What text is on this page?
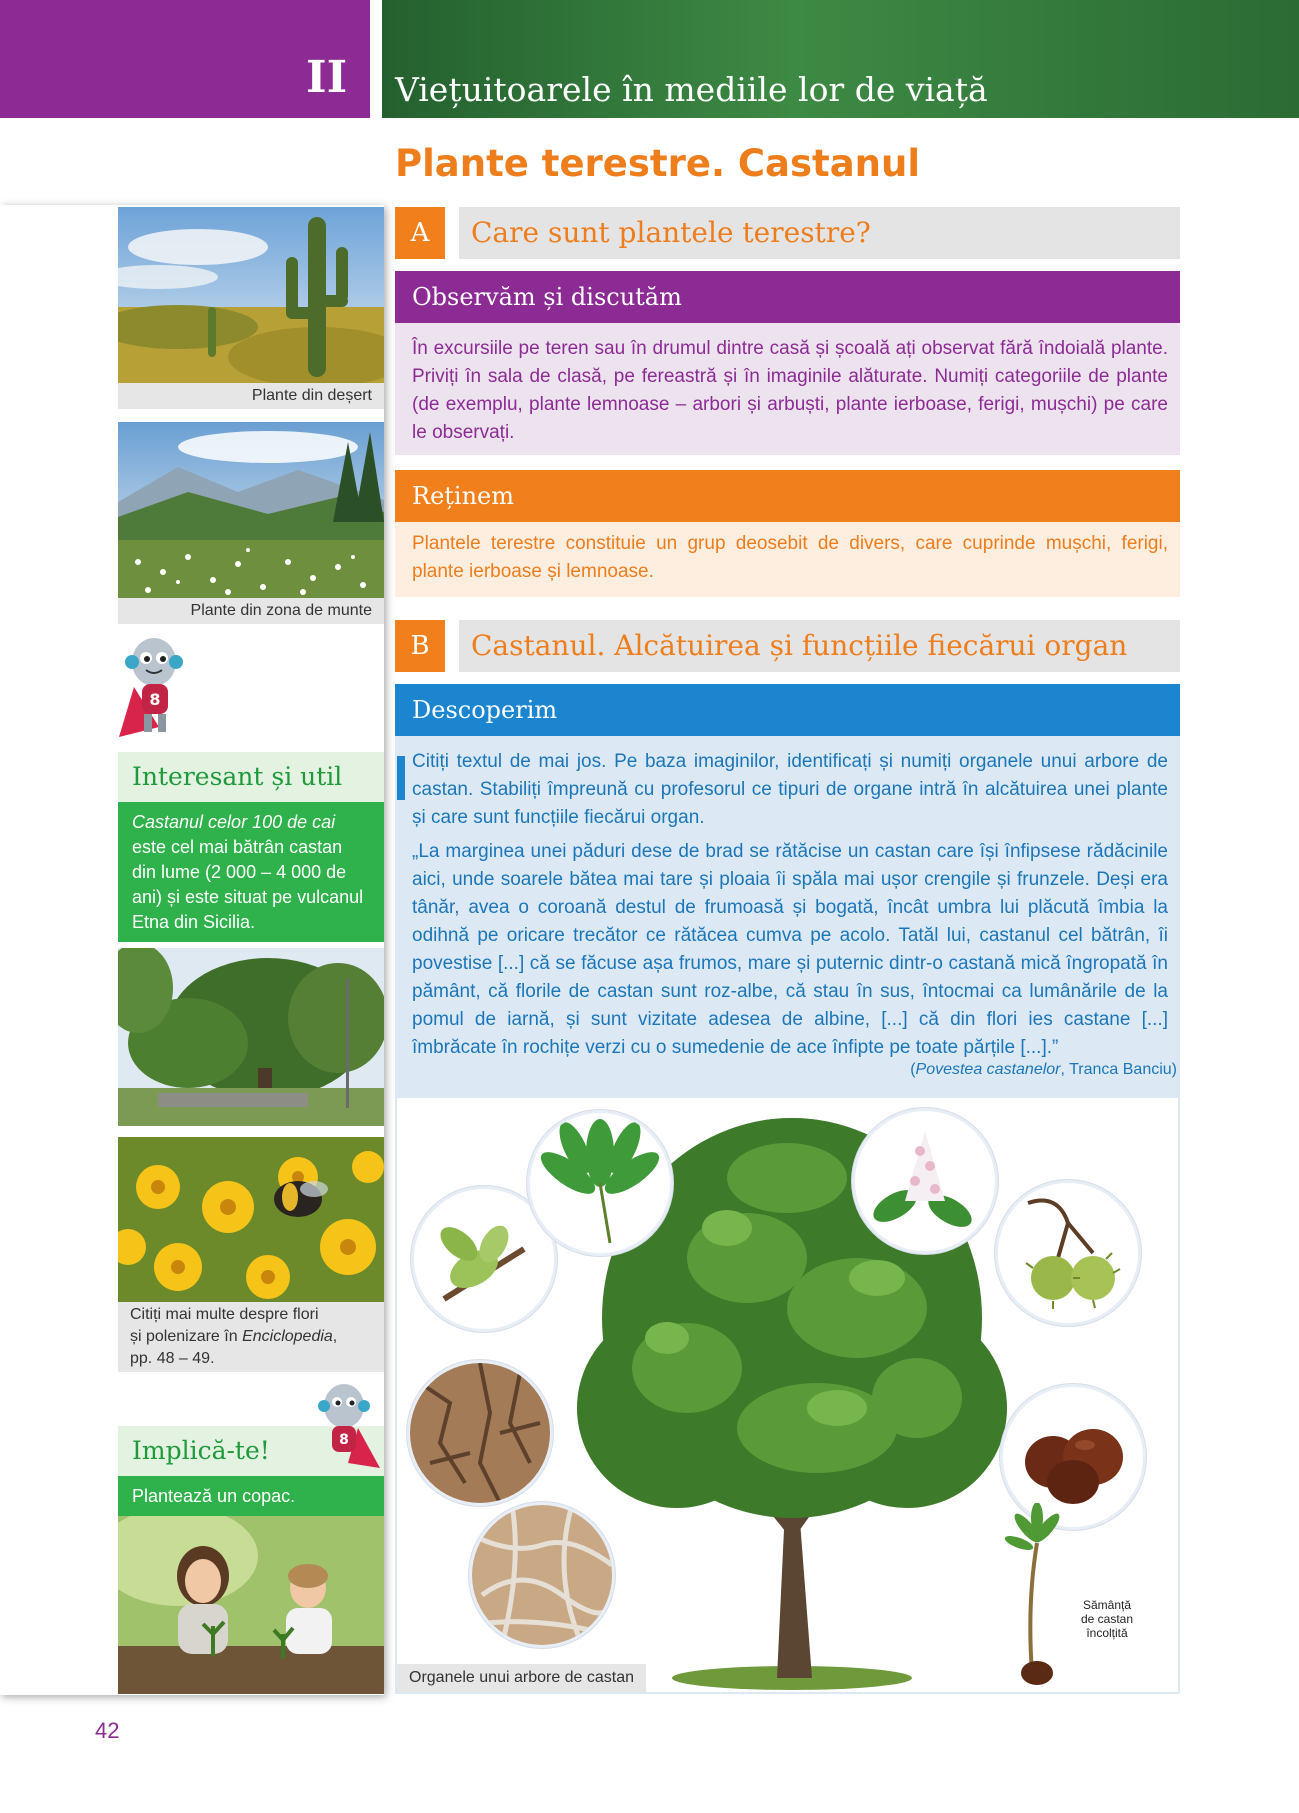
II Viețuitoarele în mediile lor de viață
Plante terestre. Castanul
Plante din deșert
Plante din zona de munte
8
Interesant și util
Castanul celor 100 de cai este cel mai bătrân castan din lume (2 000 – 4 000 de ani) și este situat pe vulcanul Etna din Sicilia.
Citiți mai multe despre flori
și polenizare în Enciclopedia,
pp. 48 – 49.
Implică-te!	8
Plantează un copac.
A	Care sunt plantele terestre?
Observăm și discutăm
În excursiile pe teren sau în drumul dintre casă și școală ați observat fără îndoială plante. Priviți în sala de clasă, pe fereastră și în imaginile alăturate. Numiți categoriile de plante (de exemplu, plante lemnoase – arbori și arbuști, plante ierboase, ferigi, mușchi) pe care le observați.
Reținem
Plantele terestre constituie un grup deosebit de divers, care cuprinde mușchi, ferigi, plante ierboase și lemnoase.
B	Castanul. Alcătuirea și funcțiile fiecărui organ
Descoperim
Citiți textul de mai jos. Pe baza imaginilor, identificați și numiți organele unui arbore de castan. Stabiliți împreună cu profesorul ce tipuri de organe intră în alcătuirea unei plante și care sunt funcțiile fiecărui organ.
„La marginea unei păduri dese de brad se rătăcise un castan care își înfipsese rădăcinile aici, unde soarele bătea mai tare și ploaia îi spăla mai ușor crengile și frunzele. Deși era tânăr, avea o coroană destul de frumoasă și bogată, încât umbra lui plăcută îmbia la odihnă pe oricare trecător ce rătăcea cumva pe acolo. Tatăl lui, castanul cel bătrân, îi povestise [...] că se făcuse așa frumos, mare și puternic dintr-o castană mică îngropată în pământ, că florile de castan sunt roz-albe, că stau în sus, întocmai ca lumânările de la pomul de iarnă, și sunt vizitate adesea de albine, [...] că din flori ies castane [...] îmbrăcate în rochițe verzi cu o sumedenie de ace înfipte pe toate părțile [...].”
(Povestea castanelor, Tranca Banciu)
Sămânță
de castan
încolțită
Organele unui arbore de castan
42
